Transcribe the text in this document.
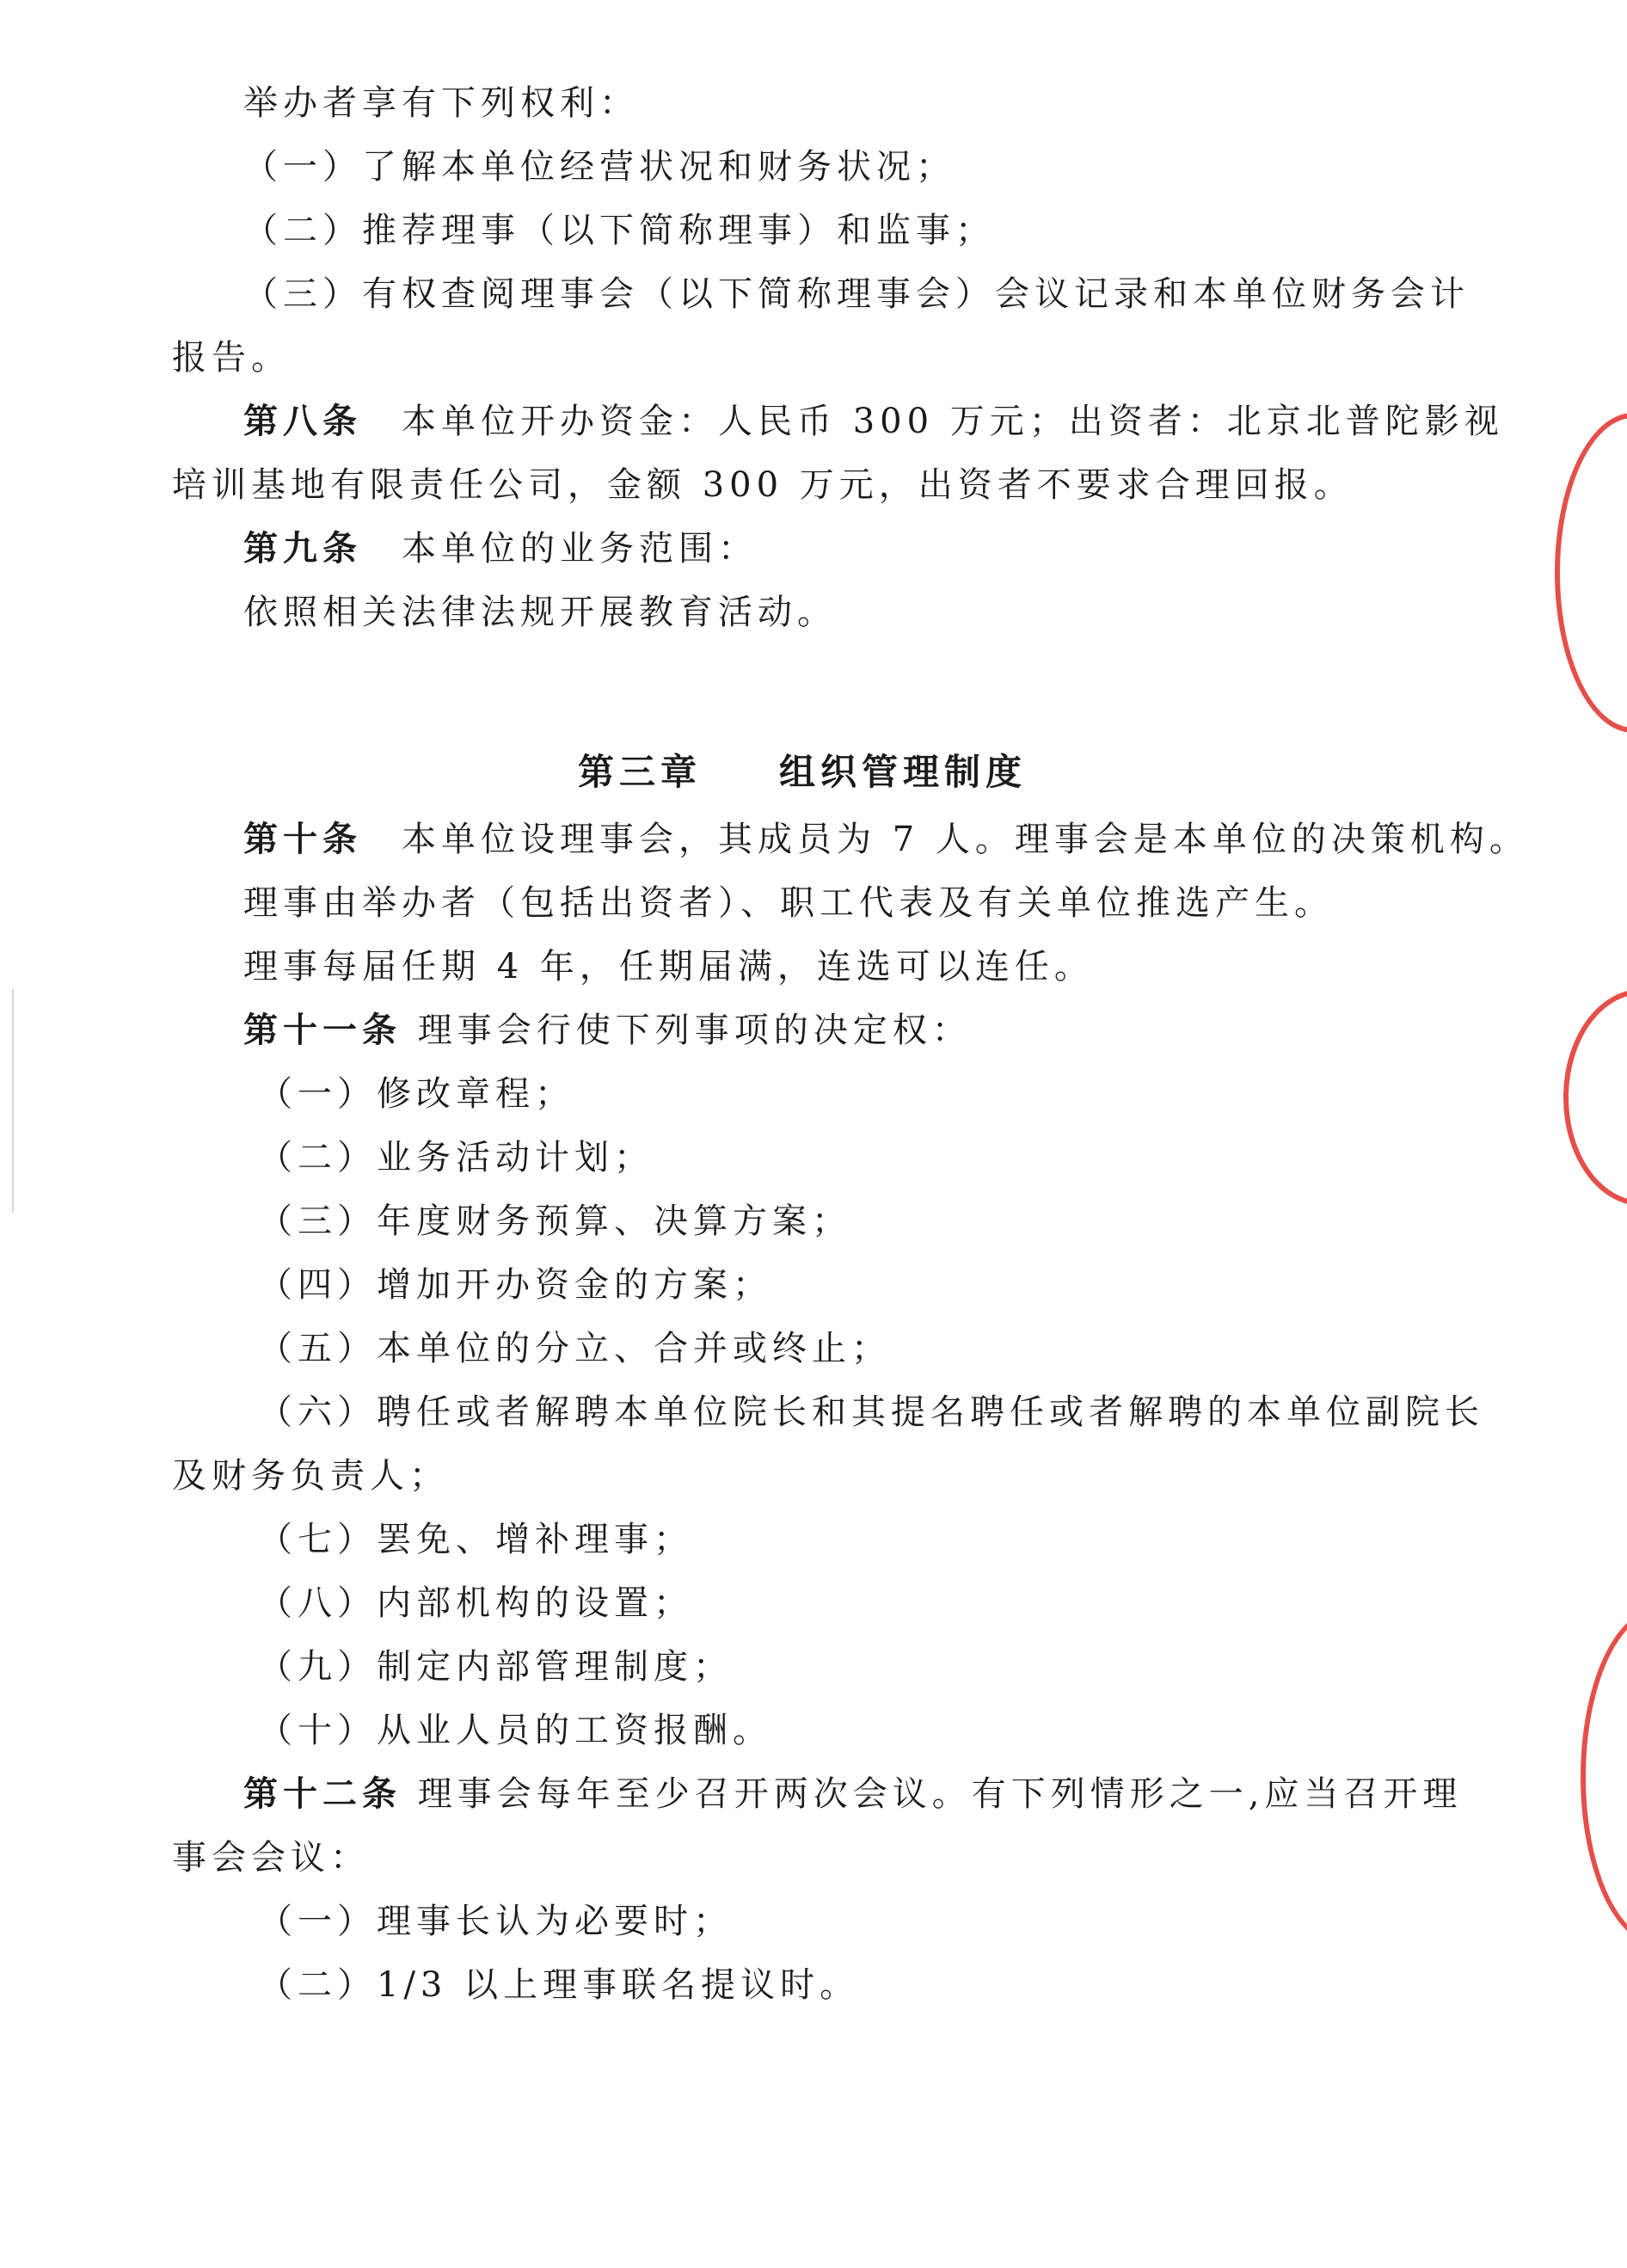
举办者享有下列权利：
（一）了解本单位经营状况和财务状况；
（二）推荐理事（以下简称理事）和监事；
（三）有权查阅理事会（以下简称理事会）会议记录和本单位财务会计
报告。
第八条　 本单位开办资金：人民币 300 万元；出资者：北京北普陀影视
培训基地有限责任公司，金额 300 万元，出资者不要求合理回报。
第九条　 本单位的业务范围：
依照相关法律法规开展教育活动。
第三章 组织管理制度
第十条　 本单位设理事会，其成员为 7 人。理事会是本单位的决策机构。
理事由举办者（包括出资者）、职工代表及有关单位推选产生。
理事每届任期 4 年，任期届满，连选可以连任。
第十一条 理事会行使下列事项的决定权：
（一）修改章程；
（二）业务活动计划；
（三）年度财务预算、决算方案；
（四）增加开办资金的方案；
（五）本单位的分立、合并或终止；
（六）聘任或者解聘本单位院长和其提名聘任或者解聘的本单位副院长
及财务负责人；
（七）罢免、增补理事；
（八）内部机构的设置；
（九）制定内部管理制度；
（十）从业人员的工资报酬。
第十二条 理事会每年至少召开两次会议。有下列情形之一,应当召开理
事会会议：
（一）理事长认为必要时；
（二）1/3 以上理事联名提议时。
